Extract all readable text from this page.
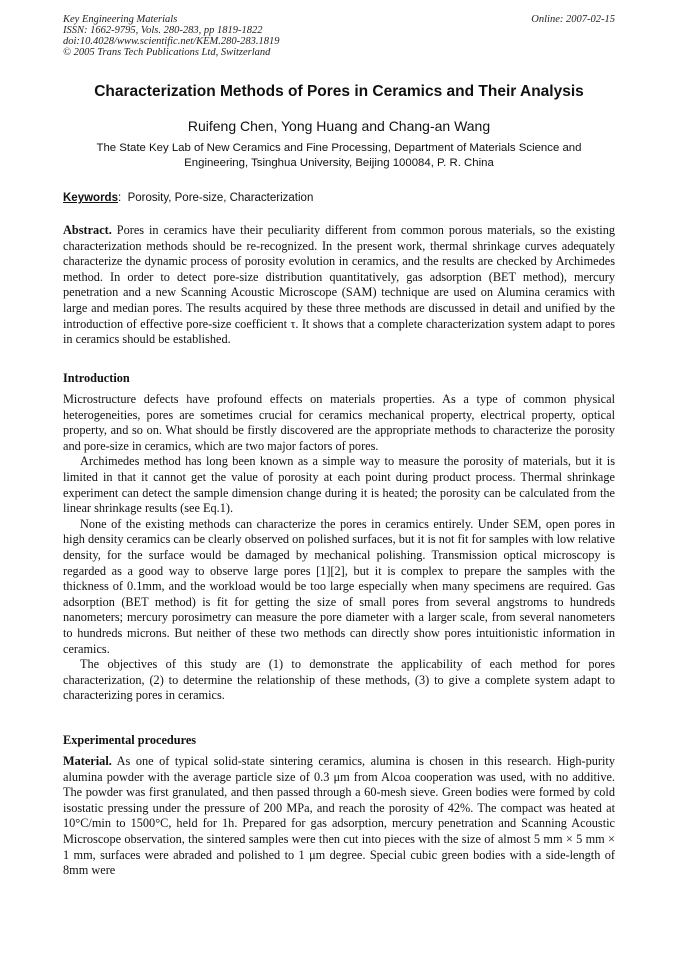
Key Engineering Materials
ISSN: 1662-9795, Vols. 280-283, pp 1819-1822
doi:10.4028/www.scientific.net/KEM.280-283.1819
© 2005 Trans Tech Publications Ltd, Switzerland
Online: 2007-02-15
Characterization Methods of Pores in Ceramics and Their Analysis
Ruifeng Chen, Yong Huang and Chang-an Wang
The State Key Lab of New Ceramics and Fine Processing, Department of Materials Science and Engineering, Tsinghua University, Beijing 100084, P. R. China
Keywords:  Porosity, Pore-size, Characterization

Abstract. Pores in ceramics have their peculiarity different from common porous materials, so the existing characterization methods should be re-recognized. In the present work, thermal shrinkage curves adequately characterize the dynamic process of porosity evolution in ceramics, and the results are checked by Archimedes method. In order to detect pore-size distribution quantitatively, gas adsorption (BET method), mercury penetration and a new Scanning Acoustic Microscope (SAM) technique are used on Alumina ceramics with large and median pores. The results acquired by these three methods are discussed in detail and unified by the introduction of effective pore-size coefficient τ. It shows that a complete characterization system adapt to pores in ceramics should be established.

Introduction

Microstructure defects have profound effects on materials properties. As a type of common physical heterogeneities, pores are sometimes crucial for ceramics mechanical property, electrical property, optical property, and so on. What should be firstly discovered are the appropriate methods to characterize the porosity and pore-size in ceramics, which are two major factors of pores.

Archimedes method has long been known as a simple way to measure the porosity of materials, but it is limited in that it cannot get the value of porosity at each point during product process. Thermal shrinkage experiment can detect the sample dimension change during it is heated; the porosity can be calculated from the linear shrinkage results (see Eq.1).

None of the existing methods can characterize the pores in ceramics entirely. Under SEM, open pores in high density ceramics can be clearly observed on polished surfaces, but it is not fit for samples with low relative density, for the surface would be damaged by mechanical polishing. Transmission optical microscopy is regarded as a good way to observe large pores [1][2], but it is complex to prepare the samples with the thickness of 0.1mm, and the workload would be too large especially when many specimens are required. Gas adsorption (BET method) is fit for getting the size of small pores from several angstroms to hundreds nanometers; mercury porosimetry can measure the pore diameter with a larger scale, from several nanometers to hundreds microns. But neither of these two methods can directly show pores intuitionistic information in ceramics.

The objectives of this study are (1) to demonstrate the applicability of each method for pores characterization, (2) to determine the relationship of these methods, (3) to give a complete system adapt to characterizing pores in ceramics.

Experimental procedures

Material. As one of typical solid-state sintering ceramics, alumina is chosen in this research. High-purity alumina powder with the average particle size of 0.3 μm from Alcoa cooperation was used, with no additive. The powder was first granulated, and then passed through a 60-mesh sieve. Green bodies were formed by cold isostatic pressing under the pressure of 200 MPa, and reach the porosity of 42%. The compact was heated at 10°C/min to 1500°C, held for 1h. Prepared for gas adsorption, mercury penetration and Scanning Acoustic Microscope observation, the sintered samples were then cut into pieces with the size of almost 5 mm × 5 mm × 1 mm, surfaces were abraded and polished to 1 μm degree. Special cubic green bodies with a side-length of 8mm were
